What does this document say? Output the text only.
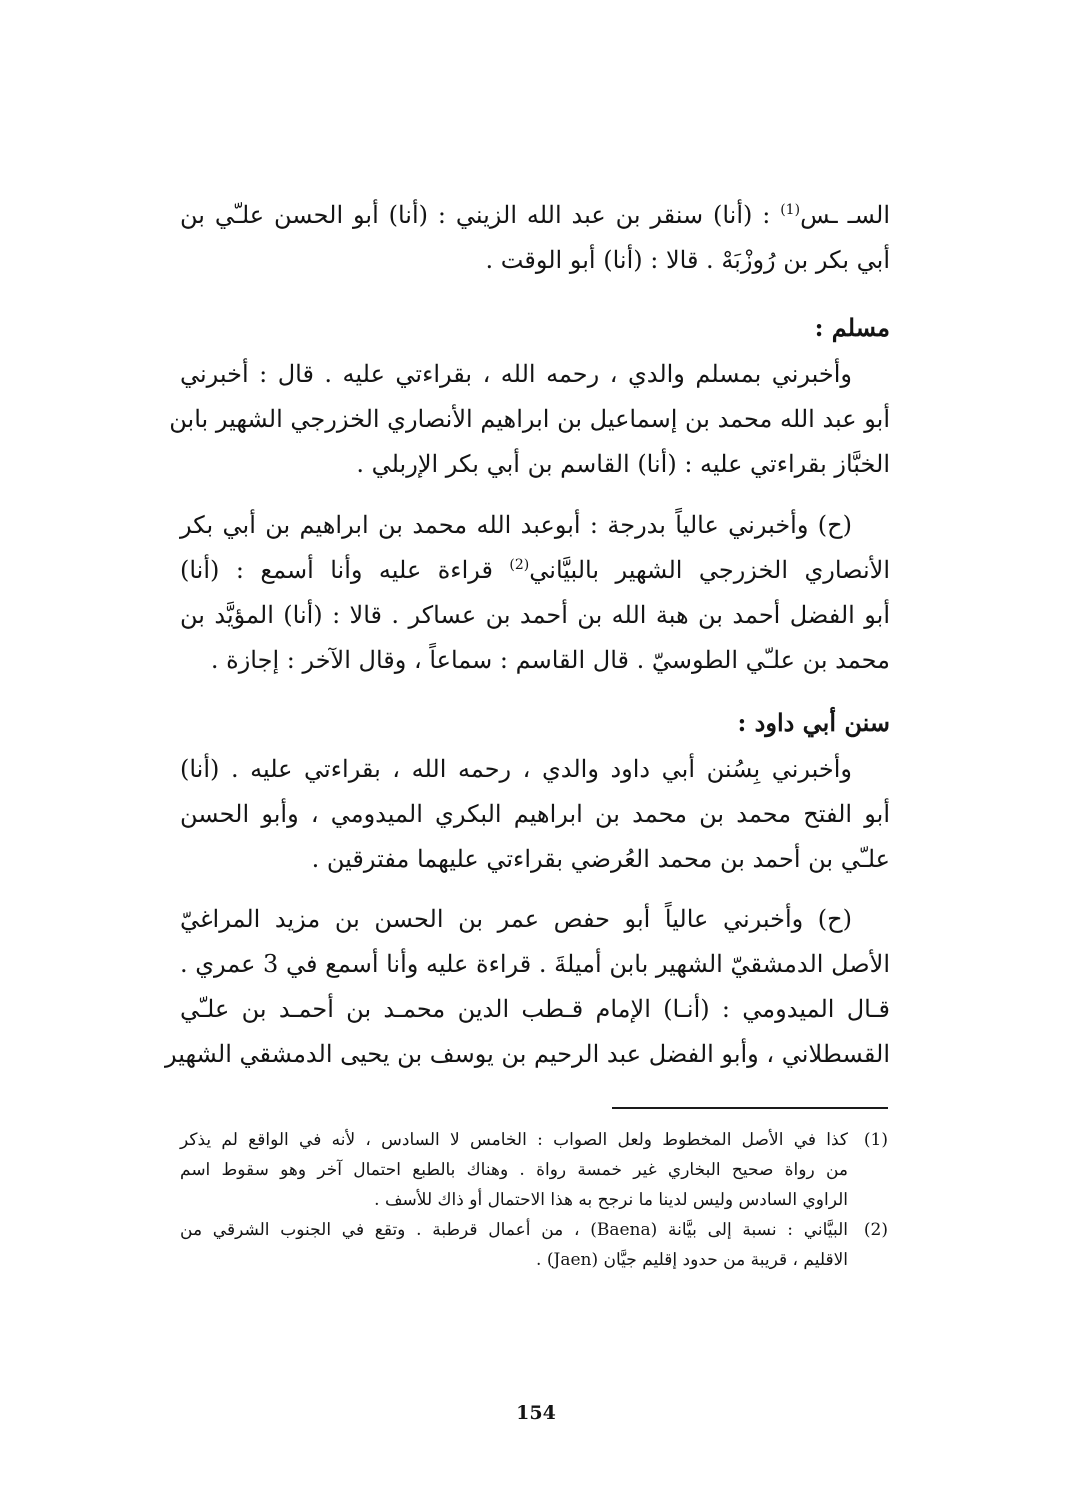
السـ ـس$^{(1)}$ : (أنا) سنقر بن عبد الله الزيني : (أنا) أبو الحسن علـّي بن
أبي بكر بن رُوزْبَهْ . قالا : (أنا) أبو الوقت .
مسلم :
وأخبرني بمسلم والدي ، رحمه الله ، بقراءتي عليه . قال : أخبرني
أبو عبد الله محمد بن إسماعيل بن ابراهيم الأنصاري الخزرجي الشهير بابن
الخبَّاز بقراءتي عليه : (أنا) القاسم بن أبي بكر الإربلي .
(ح) وأخبرني عالياً بدرجة : أبوعبد الله محمد بن ابراهيم بن أبي بكر
الأنصاري الخزرجي الشهير بالبيَّاني$^{(2)}$ قراءة عليه وأنا أسمع : (أنا)
أبو الفضل أحمد بن هبة الله بن أحمد بن عساكر . قالا : (أنا) المؤيَّد بن
محمد بن علـّي الطوسيّ . قال القاسم : سماعاً ، وقال الآخر : إجازة .
سنن أبي داود :
وأخبرني بِسُنن أبي داود والدي ، رحمه الله ، بقراءتي عليه . (أنا)
أبو الفتح محمد بن محمد بن ابراهيم البكري الميدومي ، وأبو الحسن
علـّي بن أحمد بن محمد العُرضي بقراءتي عليهما مفترقين .
(ح) وأخبرني عالياً أبو حفص عمر بن الحسن بن مزيد المراغيّ
الأصل الدمشقيّ الشهير بابن أميلةَ . قراءة عليه وأنا أسمع في 3 عمري .
قـال الميدومي : (أنـا) الإمام قـطب الدين محمـد بن أحمـد بن علـّي
القسطلاني ، وأبو الفضل عبد الرحيم بن يوسف بن يحيى الدمشقي الشهير
(1)
كذا في الأصل المخطوط ولعل الصواب : الخامس لا السادس ، لأنه في الواقع لم يذكر
من رواة صحيح البخاري غير خمسة رواة . وهناك بالطبع احتمال آخر وهو سقوط اسم
الراوي السادس وليس لدينا ما نرجح به هذا الاحتمال أو ذاك للأسف .
(2)
البيَّاني : نسبة إلى بيَّانة (Baena) ، من أعمال قرطبة . وتقع في الجنوب الشرقي من
الاقليم ، قريبة من حدود إقليم جيَّان (Jaen) .
154
